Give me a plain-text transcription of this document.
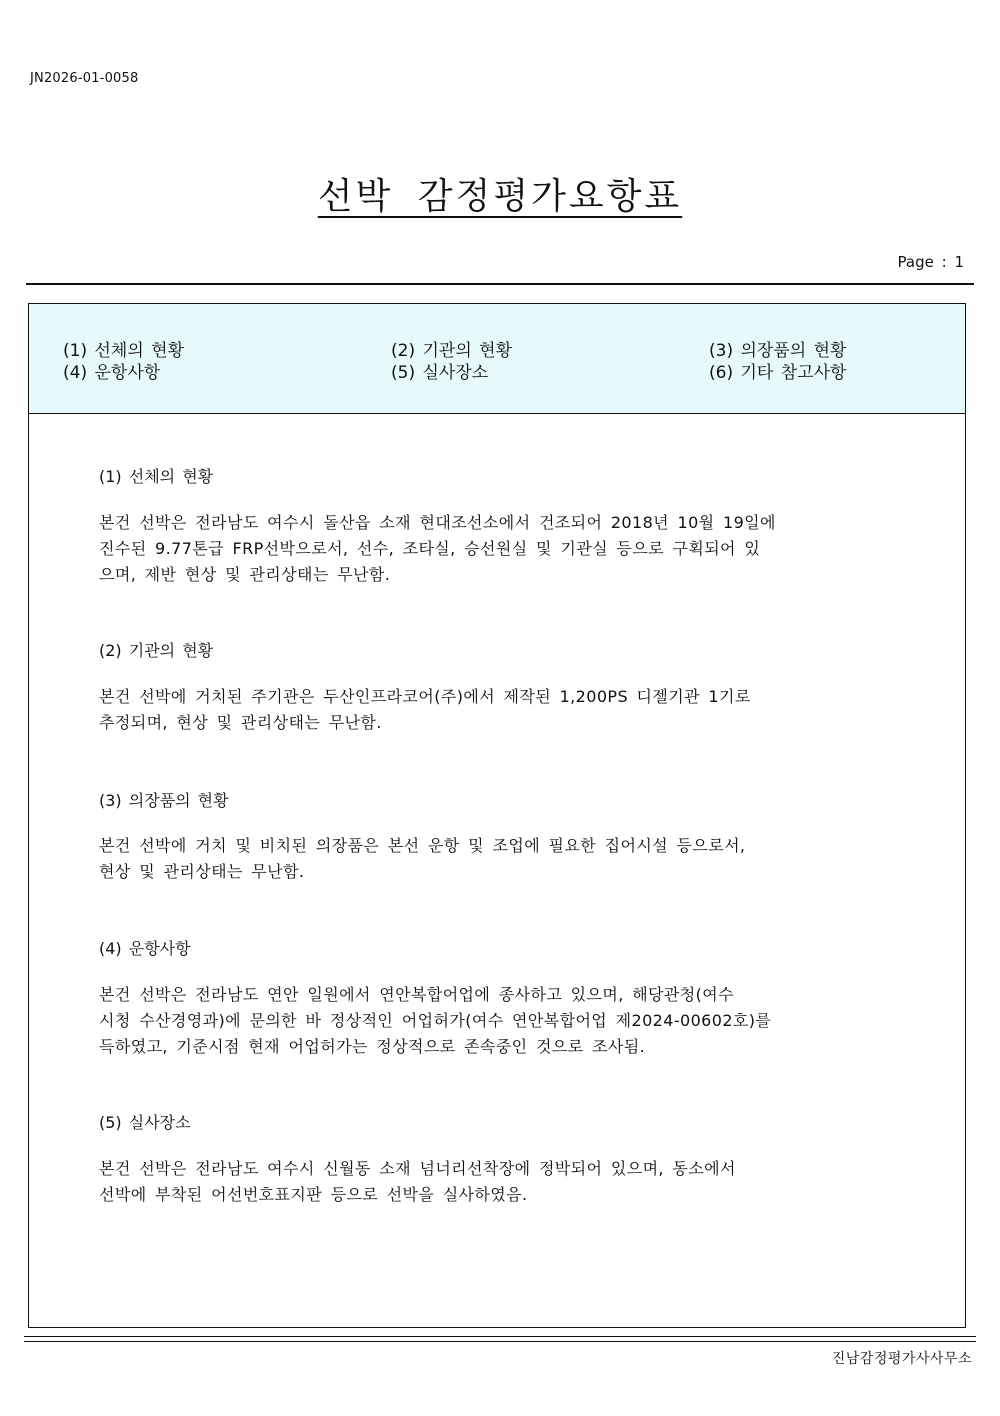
JN2026-01-0058
선박 감정평가요항표
Page : 1
(1) 선체의 현황	(2) 기관의 현황	(3) 의장품의 현황
(4) 운항사항	(5) 실사장소	(6) 기타 참고사항
(1) 선체의 현황

본건 선박은 전라남도 여수시 돌산읍 소재 현대조선소에서 건조되어 2018년 10월 19일에
진수된 9.77톤급 FRP선박으로서, 선수, 조타실, 승선원실 및 기관실 등으로 구획되어 있
으며, 제반 현상 및 관리상태는 무난함.

(2) 기관의 현황

본건 선박에 거치된 주기관은 두산인프라코어(주)에서 제작된 1,200PS 디젤기관 1기로
추정되며, 현상 및 관리상태는 무난함.

(3) 의장품의 현황

본건 선박에 거치 및 비치된 의장품은 본선 운항 및 조업에 필요한 집어시설 등으로서,
현상 및 관리상태는 무난함.

(4) 운항사항

본건 선박은 전라남도 연안 일원에서 연안복합어업에 종사하고 있으며, 해당관청(여수
시청 수산경영과)에 문의한 바 정상적인 어업허가(여수 연안복합어업 제2024-00602호)를
득하였고, 기준시점 현재 어업허가는 정상적으로 존속중인 것으로 조사됨.

(5) 실사장소

본건 선박은 전라남도 여수시 신월동 소재 넘너리선착장에 정박되어 있으며, 동소에서
선박에 부착된 어선번호표지판 등으로 선박을 실사하였음.

진남감정평가사사무소
